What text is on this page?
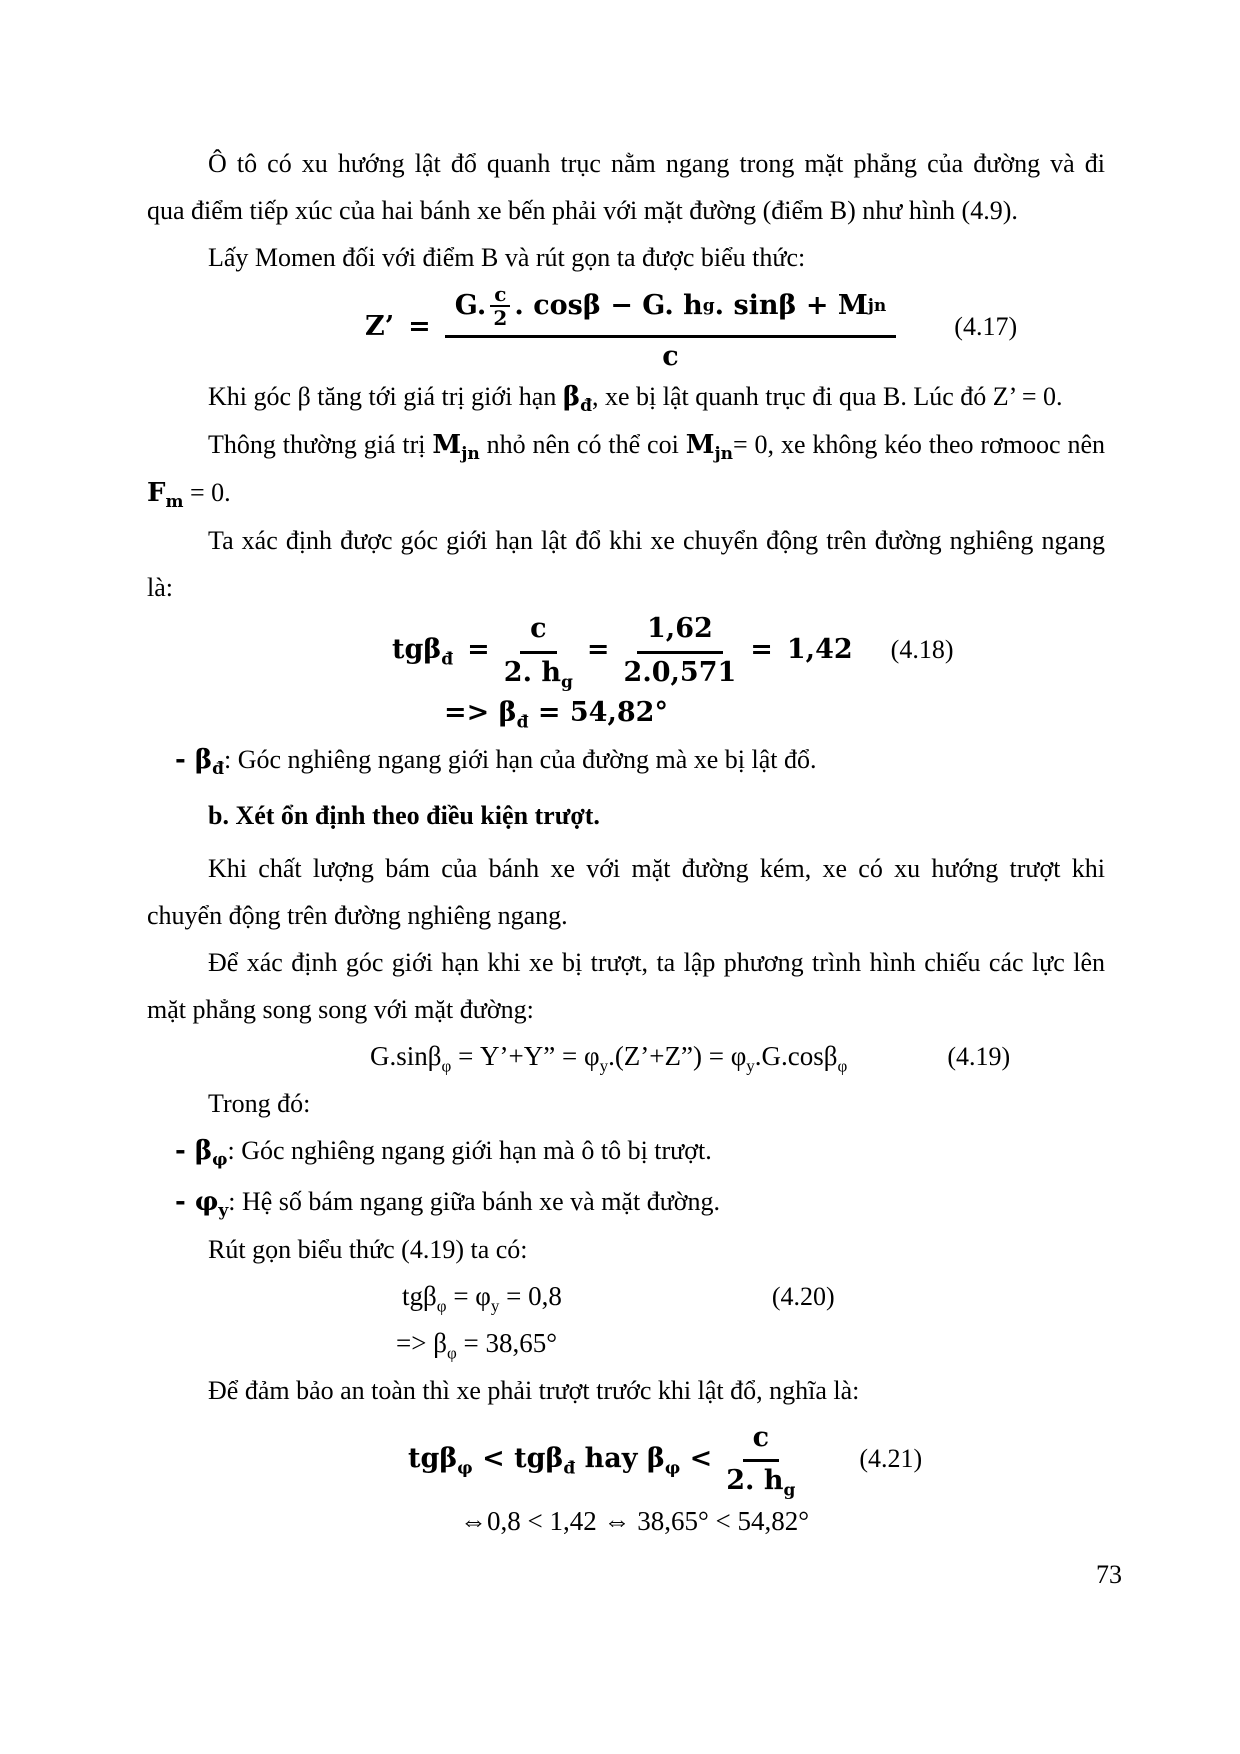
Ô tô có xu hướng lật đổ quanh trục nằm ngang trong mặt phẳng của đường và đi
qua điểm tiếp xúc của hai bánh xe bến phải với mặt đường (điểm B) như hình (4.9).

Lấy Momen đối với điểm B và rút gọn ta được biểu thức:

Z’ =
G. $\frac{c}{2}$ . cosβ − G. h g . sinβ + M jn
c
(4.17)

Khi góc β tăng tới giá trị giới hạn $\beta_đ$, xe bị lật quanh trục đi qua B. Lúc đó Z’ = 0.

Thông thường giá trị $M_{jn}$ nhỏ nên có thể coi $M_{jn}= 0$, xe không kéo theo rơmooc nên
$F_m = 0$.

Ta xác định được góc giới hạn lật đổ khi xe chuyển động trên đường nghiêng ngang
là:

$tg\beta_đ = \frac{c}{2. h_g} = \frac{1,62}{2.0,571} = 1,42$ (4.18)

=> $\beta_đ = 54,82^\circ$

- $\beta_đ$: Góc nghiêng ngang giới hạn của đường mà xe bị lật đổ.

b. Xét ổn định theo điều kiện trượt.

Khi chất lượng bám của bánh xe với mặt đường kém, xe có xu hướng trượt khi
chuyển động trên đường nghiêng ngang.

Để xác định góc giới hạn khi xe bị trượt, ta lập phương trình hình chiếu các lực lên
mặt phẳng song song với mặt đường:

G.sinβ$_\varphi$ = Y’+Y” = $\varphi_y.(Z’+Z”) = \varphi_y.G.\cos\beta_\varphi$	(4.19)

Trong đó:

- $\beta_\varphi$: Góc nghiêng ngang giới hạn mà ô tô bị trượt.

- $\varphi_y$: Hệ số bám ngang giữa bánh xe và mặt đường.

Rút gọn biểu thức (4.19) ta có:

$tg\beta_\varphi = \varphi_y = 0,8$	(4.20)

=> $\beta_\varphi = 38,65^\circ$

Để đảm bảo an toàn thì xe phải trượt trước khi lật đổ, nghĩa là:

tgβ$_\varphi$ < tgβ$_đ$ hay $\beta_\varphi < \frac{c}{2. h_g} (4.21)$

⇔0,8 < 1,42 ⇔ 38,65° < 54,82°

73
